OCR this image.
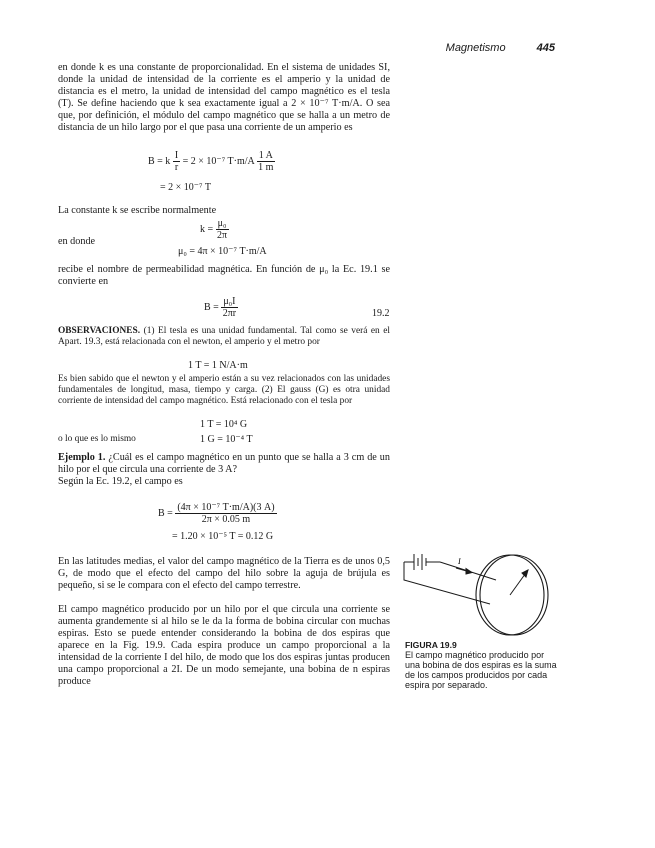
Magnetismo	445

en donde k es una constante de proporcionalidad. En el sistema de unidades SI, donde la unidad de intensidad de la corriente es el amperio y la unidad de distancia es el metro, la unidad de intensidad del campo magnético es el tesla (T). Se define haciendo que k sea exactamente igual a 2 × 10⁻⁷ T·m/A. O sea que, por definición, el módulo del campo magnético que se halla a un metro de distancia de un hilo largo por el que pasa una corriente de un amperio es

B = k $\frac{I}{r} = 2 \times 10^{-7}$ $T\cdot m/A \frac{1 A}{1 m}$
= 2 × 10⁻⁷ T
La constante k se escribe normalmente
$k = \frac{\text{μ₀}}{2\pi}$
en donde
μ₀ = 4π × 10⁻⁷ T·m/A

recibe el nombre de permeabilidad magnética. En función de μ₀ la Ec. 19.1 se convierte en

$B = \frac{\text{μ₀I}}{2\pi r}$	19.2

OBSERVACIONES. (1) El tesla es una unidad fundamental. Tal como se verá en el Apart. 19.3, está relacionada con el newton, el amperio y el metro por

1 T = 1 N/A·m

Es bien sabido que el newton y el amperio están a su vez relacionados con las unidades fundamentales de longitud, masa, tiempo y carga. (2) El gauss (G) es otra unidad corriente de intensidad del campo magnético. Está relacionado con el tesla por

1 T = 10⁴ G
o lo que es lo mismo	1 G = 10⁻⁴ T

Ejemplo 1. ¿Cuál es el campo magnético en un punto que se halla a 3 cm de un hilo por el que circula una corriente de 3 A?

Según la Ec. 19.2, el campo es

$B = \frac{\text{(4π × 10⁻⁷ T·m/A)(3 A)}}{2\pi \times 0.05 m}$
= 1.20 × 10⁻⁵ T = 0.12 G

En las latitudes medias, el valor del campo magnético de la Tierra es de unos 0,5 G, de modo que el efecto del campo del hilo sobre la aguja de brújula es pequeño, si se le compara con el efecto del campo terrestre.

El campo magnético producido por un hilo por el que circula una corriente se aumenta grandemente si al hilo se le da la forma de bobina circular con muchas espiras. Esto se puede entender considerando la bobina de dos espiras que aparece en la Fig. 19.9. Cada espira produce un campo proporcional a la intensidad de la corriente I del hilo, de modo que los dos espiras juntas producen una campo proporcional a 2I. De un modo semejante, una bobina de n espiras produce

I
FIGURA 19.9
El campo magnético producido por una bobina de dos espiras es la suma de los campos producidos por cada espira por separado.
